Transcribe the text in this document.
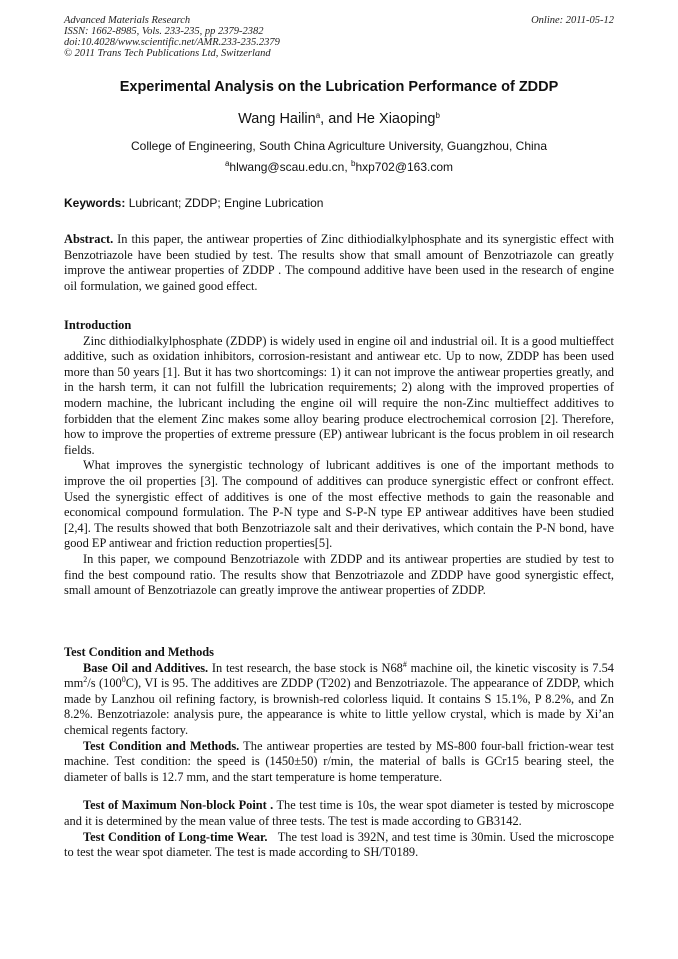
Advanced Materials Research
ISSN: 1662-8985, Vols. 233-235, pp 2379-2382
doi:10.4028/www.scientific.net/AMR.233-235.2379
© 2011 Trans Tech Publications Ltd, Switzerland
Online: 2011-05-12
Experimental Analysis on the Lubrication Performance of ZDDP
Wang Hailin$^a$, and He Xiaoping$^b$
College of Engineering, South China Agriculture University, Guangzhou, China
$^a$hlwang@scau.edu.cn, $^b$hxp702@163.com
Keywords: Lubricant; ZDDP; Engine Lubrication

Abstract. In this paper, the antiwear properties of Zinc dithiodialkylphosphate and its synergistic effect with Benzotriazole have been studied by test. The results show that small amount of Benzotriazole can greatly improve the antiwear properties of ZDDP . The compound additive have been used in the research of engine oil formulation, we gained good effect.

Introduction

Zinc dithiodialkylphosphate (ZDDP) is widely used in engine oil and industrial oil. It is a good multieffect additive, such as oxidation inhibitors, corrosion-resistant and antiwear etc. Up to now, ZDDP has been used more than 50 years [1]. But it has two shortcomings: 1) it can not improve the antiwear properties greatly, and in the harsh term, it can not fulfill the lubrication requirements; 2) along with the improved properties of modern machine, the lubricant including the engine oil will require the non-Zinc multieffect additives to forbidden that the element Zinc makes some alloy bearing produce electrochemical corrosion [2]. Therefore, how to improve the properties of extreme pressure (EP) antiwear lubricant is the focus problem in oil research fields.

What improves the synergistic technology of lubricant additives is one of the important methods to improve the oil properties [3]. The compound of additives can produce synergistic effect or confront effect. Used the synergistic effect of additives is one of the most effective methods to gain the reasonable and economical compound formulation. The P-N type and S-P-N type EP antiwear additives have been studied [2,4]. The results showed that both Benzotriazole salt and their derivatives, which contain the P-N bond, have good EP antiwear and friction reduction properties[5].

In this paper, we compound Benzotriazole with ZDDP and its antiwear properties are studied by test to find the best compound ratio. The results show that Benzotriazole and ZDDP have good synergistic effect, small amount of Benzotriazole can greatly improve the antiwear properties of ZDDP.

Test Condition and Methods

Base Oil and Additives. In test research, the base stock is N68# machine oil, the kinetic viscosity is 7.54 $mm^2/s$ $(100^0C)$, VI is 95. The additives are ZDDP (T202) and Benzotriazole. The appearance of ZDDP, which made by Lanzhou oil refining factory, is brownish-red colorless liquid. It contains S 15.1%, P 8.2%, and Zn 8.2%. Benzotriazole: analysis pure, the appearance is white to little yellow crystal, which is made by Xi’an chemical regents factory.

Test Condition and Methods. The antiwear properties are tested by MS-800 four-ball friction-wear test machine. Test condition: the speed is (1450±50) r/min, the material of balls is GCr15 bearing steel, the diameter of balls is 12.7 mm, and the start temperature is home temperature.

Test of Maximum Non-block Point . The test time is 10s, the wear spot diameter is tested by microscope and it is determined by the mean value of three tests. The test is made according to GB3142.

Test Condition of Long-time Wear.   The test load is 392N, and test time is 30min. Used the microscope to test the wear spot diameter. The test is made according to SH/T0189.
